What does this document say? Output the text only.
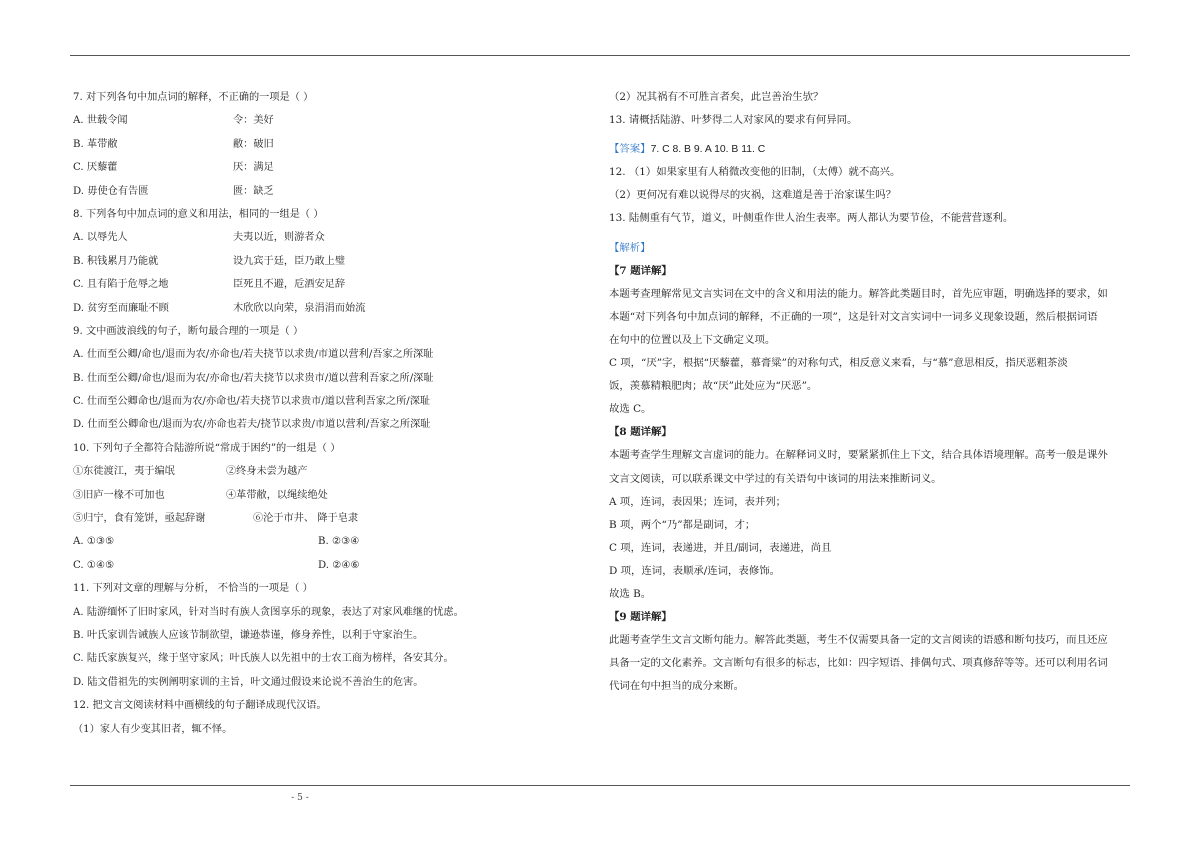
7. 对下列各句中加点词的解释，不正确的一项是（ ）
A. 世载令闻	令：美好
B. 革带敝	敝：破旧
C. 厌藜藿	厌：满足
D. 毋使仓有告匮	匮：缺乏
8. 下列各句中加点词的意义和用法，相同的一组是（ ）
A. 以辱先人	夫夷以近，则游者众
B. 积钱累月乃能就	设九宾于廷，臣乃敢上璧
C. 且有陷于危辱之地	臣死且不避，卮酒安足辞
D. 贫穷至而廉耻不顾	木欣欣以向荣，泉涓涓而始流
9. 文中画波浪线的句子，断句最合理的一项是（ ）
A. 仕而至公卿/命也/退而为农/亦命也/若夫挠节以求贵/市道以营利/吾家之所深耻
B. 仕而至公卿/命也/退而为农/亦命也/若夫挠节以求贵市/道以营利吾家之所/深耻
C. 仕而至公卿命也/退而为农/亦命也/若夫挠节以求贵市/道以营利吾家之所/深耻
D. 仕而至公卿命也/退而为农/亦命也若夫/挠节以求贵/市道以营利/吾家之所深耻
10. 下列句子全都符合陆游所说“常成于困约”的一组是（ ）
①东徙渡江，夷于编氓	②终身未尝为越产
③旧庐一椽不可加也	④革带敝，以绳续绝处
⑤归宁，食有笼饼，亟起辞谢	⑥沦于市井、 降于皂隶
A. ①③⑤	B. ②③④
C. ①④⑤	D. ②④⑥
11. 下列对文章的理解与分析， 不恰当的一项是（ ）
A. 陆游缅怀了旧时家风，针对当时有族人贪图享乐的现象，表达了对家风难继的忧虑。
B. 叶氏家训告诫族人应该节制欲望，谦逊恭谨，修身养性，以利于守家治生。
C. 陆氏家族复兴，缘于坚守家风；叶氏族人以先祖中的士农工商为榜样，各安其分。
D. 陆文借祖先的实例阐明家训的主旨，叶文通过假设来论说不善治生的危害。
12. 把文言文阅读材料中画横线的句子翻译成现代汉语。
（1）家人有少变其旧者，辄不怿。
（2）况其祸有不可胜言者矣，此岂善治生欤？
13. 请概括陆游、叶梦得二人对家风的要求有何异同。
【答案】7. C 8. B 9. A 10. B 11. C
12. （1）如果家里有人稍微改变他的旧制，（太傅）就不高兴。
（2）更何况有难以说得尽的灾祸，这难道是善于治家谋生吗？
13. 陆侧重有气节，道义，叶侧重作世人治生表率。两人都认为要节俭，不能营营逐利。
【解析】
【7 题详解】
本题考查理解常见文言实词在文中的含义和用法的能力。解答此类题目时，首先应审题，明确选择的要求，如
本题“对下列各句中加点词的解释，不正确的一项”，这是针对文言实词中一词多义现象设题，然后根据词语
在句中的位置以及上下文确定义项。
C 项，“厌”字，根据“厌藜藿，慕膏粱”的对称句式，相反意义来看，与“慕”意思相反，指厌恶粗茶淡
饭，羡慕精粮肥肉；故“厌”此处应为“厌恶”。
故选 C。
【8 题详解】
本题考查学生理解文言虚词的能力。在解释词义时，要紧紧抓住上下文，结合具体语境理解。高考一般是课外
文言文阅读，可以联系课文中学过的有关语句中该词的用法来推断词义。
A 项，连词，表因果；连词，表并列；
B 项，两个“乃”都是副词，才；
C 项，连词，表递进，并且/副词，表递进，尚且
D 项，连词，表顺承/连词，表修饰。
故选 B。
【9 题详解】
此题考查学生文言文断句能力。解答此类题，考生不仅需要具备一定的文言阅读的语感和断句技巧，而且还应
具备一定的文化素养。文言断句有很多的标志，比如：四字短语、排偶句式、项真修辞等等。还可以利用名词
代词在句中担当的成分来断。
- 5 -
